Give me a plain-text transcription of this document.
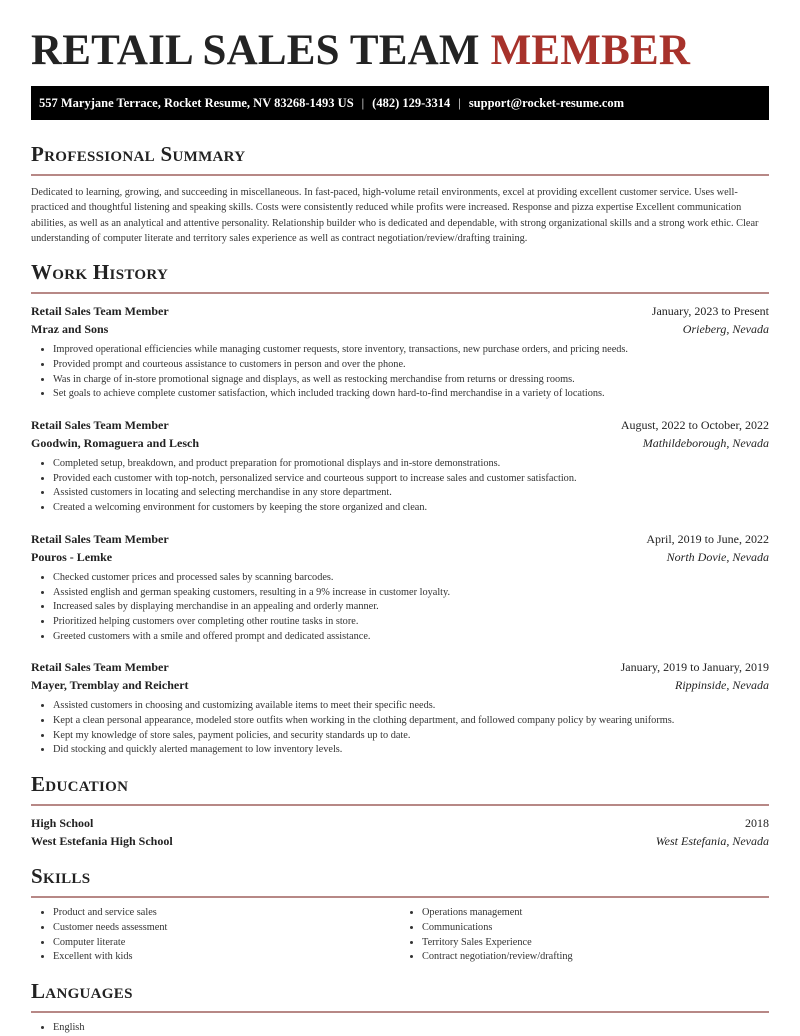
RETAIL SALES TEAM MEMBER
557 Maryjane Terrace, Rocket Resume, NV 83268-1493 US | (482) 129-3314 | support@rocket-resume.com
Professional Summary

Dedicated to learning, growing, and succeeding in miscellaneous. In fast-paced, high-volume retail environments, excel at providing excellent customer service. Uses well-practiced and thoughtful listening and speaking skills. Costs were consistently reduced while profits were increased. Response and pizza expertise Excellent communication abilities, as well as an analytical and attentive personality. Relationship builder who is dedicated and dependable, with strong organizational skills and a strong work ethic. Clear understanding of computer literate and territory sales experience as well as contract negotiation/review/drafting training.

Work History
Retail Sales Team Member	January, 2023 to Present
Mraz and Sons	Orieberg, Nevada
• Improved operational efficiencies while managing customer requests, store inventory, transactions, new purchase orders, and pricing needs.
• Provided prompt and courteous assistance to customers in person and over the phone.
• Was in charge of in-store promotional signage and displays, as well as restocking merchandise from returns or dressing rooms.
• Set goals to achieve complete customer satisfaction, which included tracking down hard-to-find merchandise in a variety of locations.
Retail Sales Team Member	August, 2022 to October, 2022
Goodwin, Romaguera and Lesch	Mathildeborough, Nevada
• Completed setup, breakdown, and product preparation for promotional displays and in-store demonstrations.
• Provided each customer with top-notch, personalized service and courteous support to increase sales and customer satisfaction.
• Assisted customers in locating and selecting merchandise in any store department.
• Created a welcoming environment for customers by keeping the store organized and clean.
Retail Sales Team Member	April, 2019 to June, 2022
Pouros - Lemke	North Dovie, Nevada
• Checked customer prices and processed sales by scanning barcodes.
• Assisted english and german speaking customers, resulting in a 9% increase in customer loyalty.
• Increased sales by displaying merchandise in an appealing and orderly manner.
• Prioritized helping customers over completing other routine tasks in store.
• Greeted customers with a smile and offered prompt and dedicated assistance.
Retail Sales Team Member	January, 2019 to January, 2019
Mayer, Tremblay and Reichert	Rippinside, Nevada
• Assisted customers in choosing and customizing available items to meet their specific needs.
• Kept a clean personal appearance, modeled store outfits when working in the clothing department, and followed company policy by wearing uniforms.
• Kept my knowledge of store sales, payment policies, and security standards up to date.
• Did stocking and quickly alerted management to low inventory levels.
Education
High School	2018
West Estefania High School	West Estefania, Nevada
Skills
• Product and service sales
• Customer needs assessment
• Computer literate
• Excellent with kids
• Operations management
• Communications
• Territory Sales Experience
• Contract negotiation/review/drafting
Languages
• English
